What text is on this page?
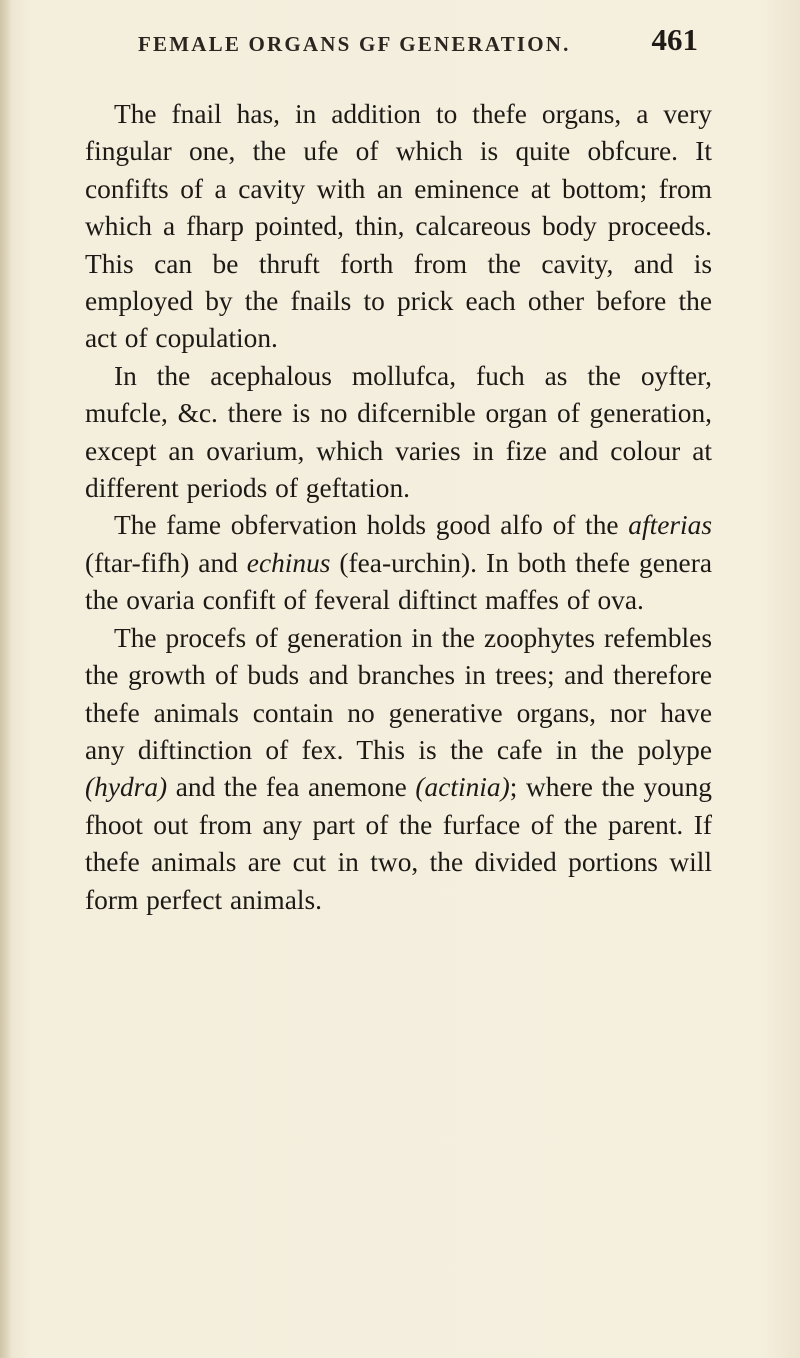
FEMALE ORGANS GF GENERATION.	461

The fnail has, in addition to thefe organs, a very fingular one, the ufe of which is quite obfcure. It confifts of a cavity with an eminence at bottom; from which a fharp pointed, thin, calcareous body proceeds. This can be thruft forth from the cavity, and is employed by the fnails to prick each other before the act of copulation.

In the acephalous mollufca, fuch as the oyfter, mufcle, &c. there is no difcernible organ of generation, except an ovarium, which varies in fize and colour at different periods of geftation.

The fame obfervation holds good alfo of the afterias (ftar-fifh) and echinus (fea-urchin). In both thefe genera the ovaria confift of feveral diftinct maffes of ova.

The procefs of generation in the zoophytes refembles the growth of buds and branches in trees; and therefore thefe animals contain no generative organs, nor have any diftinction of fex. This is the cafe in the polype (hydra) and the fea anemone (actinia); where the young fhoot out from any part of the furface of the parent. If thefe animals are cut in two, the divided portions will form perfect animals.
